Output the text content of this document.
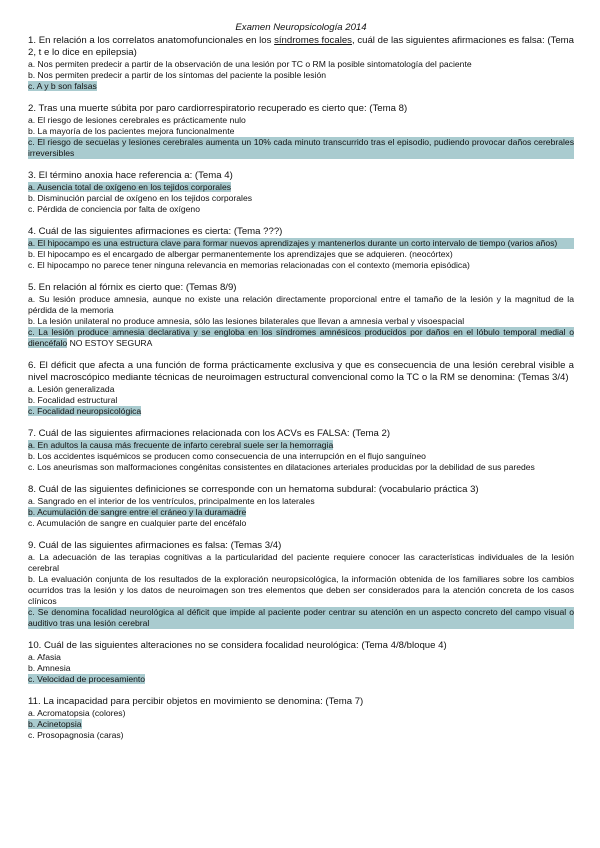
Examen Neuropsicología 2014
1. En relación a los correlatos anatomofuncionales en los síndromes focales, cuál de las siguientes afirmaciones es falsa: (Tema 2, t e lo dice en epilepsia)
a. Nos permiten predecir a partir de la observación de una lesión por TC o RM la posible sintomatología del paciente
b. Nos permiten predecir a partir de los síntomas del paciente la posible lesión
c. A y b son falsas
2. Tras una muerte súbita por paro cardiorrespiratorio recuperado es cierto que: (Tema 8)
a. El riesgo de lesiones cerebrales es prácticamente nulo
b. La mayoría de los pacientes mejora funcionalmente
c. El riesgo de secuelas y lesiones cerebrales aumenta un 10% cada minuto transcurrido tras el episodio, pudiendo provocar daños cerebrales irreversibles
3. El término anoxia hace referencia a: (Tema 4)
a. Ausencia total de oxígeno en los tejidos corporales
b. Disminución parcial de oxígeno en los tejidos corporales
c. Pérdida de conciencia por falta de oxígeno
4. Cuál de las siguientes afirmaciones es cierta: (Tema ???)
a. El hipocampo es una estructura clave para formar nuevos aprendizajes y mantenerlos durante un corto intervalo de tiempo (varios años)
b. El hipocampo es el encargado de albergar permanentemente los aprendizajes que se adquieren. (neocórtex)
c. El hipocampo no parece tener ninguna relevancia en memorias relacionadas con el contexto (memoria episódica)
5. En relación al fórnix es cierto que: (Temas 8/9)
a. Su lesión produce amnesia, aunque no existe una relación directamente proporcional entre el tamaño de la lesión y la magnitud de la pérdida de la memoria
b. La lesión unilateral no produce amnesia, sólo las lesiones bilaterales que llevan a amnesia verbal y visoespacial
c. La lesión produce amnesia declarativa y se engloba en los síndromes amnésicos producidos por daños en el lóbulo temporal medial o diencéfalo NO ESTOY SEGURA
6. El déficit que afecta a una función de forma prácticamente exclusiva y que es consecuencia de una lesión cerebral visible a nivel macroscópico mediante técnicas de neuroimagen estructural convencional como la TC o la RM se denomina: (Temas 3/4)
a. Lesión generalizada
b. Focalidad estructural
c. Focalidad neuropsicológica
7. Cuál de las siguientes afirmaciones relacionada con los ACVs es FALSA: (Tema 2)
a. En adultos la causa más frecuente de infarto cerebral suele ser la hemorragia
b. Los accidentes isquémicos se producen como consecuencia de una interrupción en el flujo sanguíneo
c. Los aneurismas son malformaciones congénitas consistentes en dilataciones arteriales producidas por la debilidad de sus paredes
8. Cuál de las siguientes definiciones se corresponde con un hematoma subdural: (vocabulario práctica 3)
a. Sangrado en el interior de los ventrículos, principalmente en los laterales
b. Acumulación de sangre entre el cráneo y la duramadre
c. Acumulación de sangre en cualquier parte del encéfalo
9. Cuál de las siguientes afirmaciones es falsa: (Temas 3/4)
a. La adecuación de las terapias cognitivas a la particularidad del paciente requiere conocer las características individuales de la lesión cerebral
b. La evaluación conjunta de los resultados de la exploración neuropsicológica, la información obtenida de los familiares sobre los cambios ocurridos tras la lesión y los datos de neuroimagen son tres elementos que deben ser considerados para la atención concreta de los casos clínicos
c. Se denomina focalidad neurológica al déficit que impide al paciente poder centrar su atención en un aspecto concreto del campo visual o auditivo tras una lesión cerebral
10. Cuál de las siguientes alteraciones no se considera focalidad neurológica: (Tema 4/8/bloque 4)
a. Afasia
b. Amnesia
c. Velocidad de procesamiento
11. La incapacidad para percibir objetos en movimiento se denomina: (Tema 7)
a. Acromatopsia (colores)
b. Acinetopsia
c. Prosopagnosia (caras)
